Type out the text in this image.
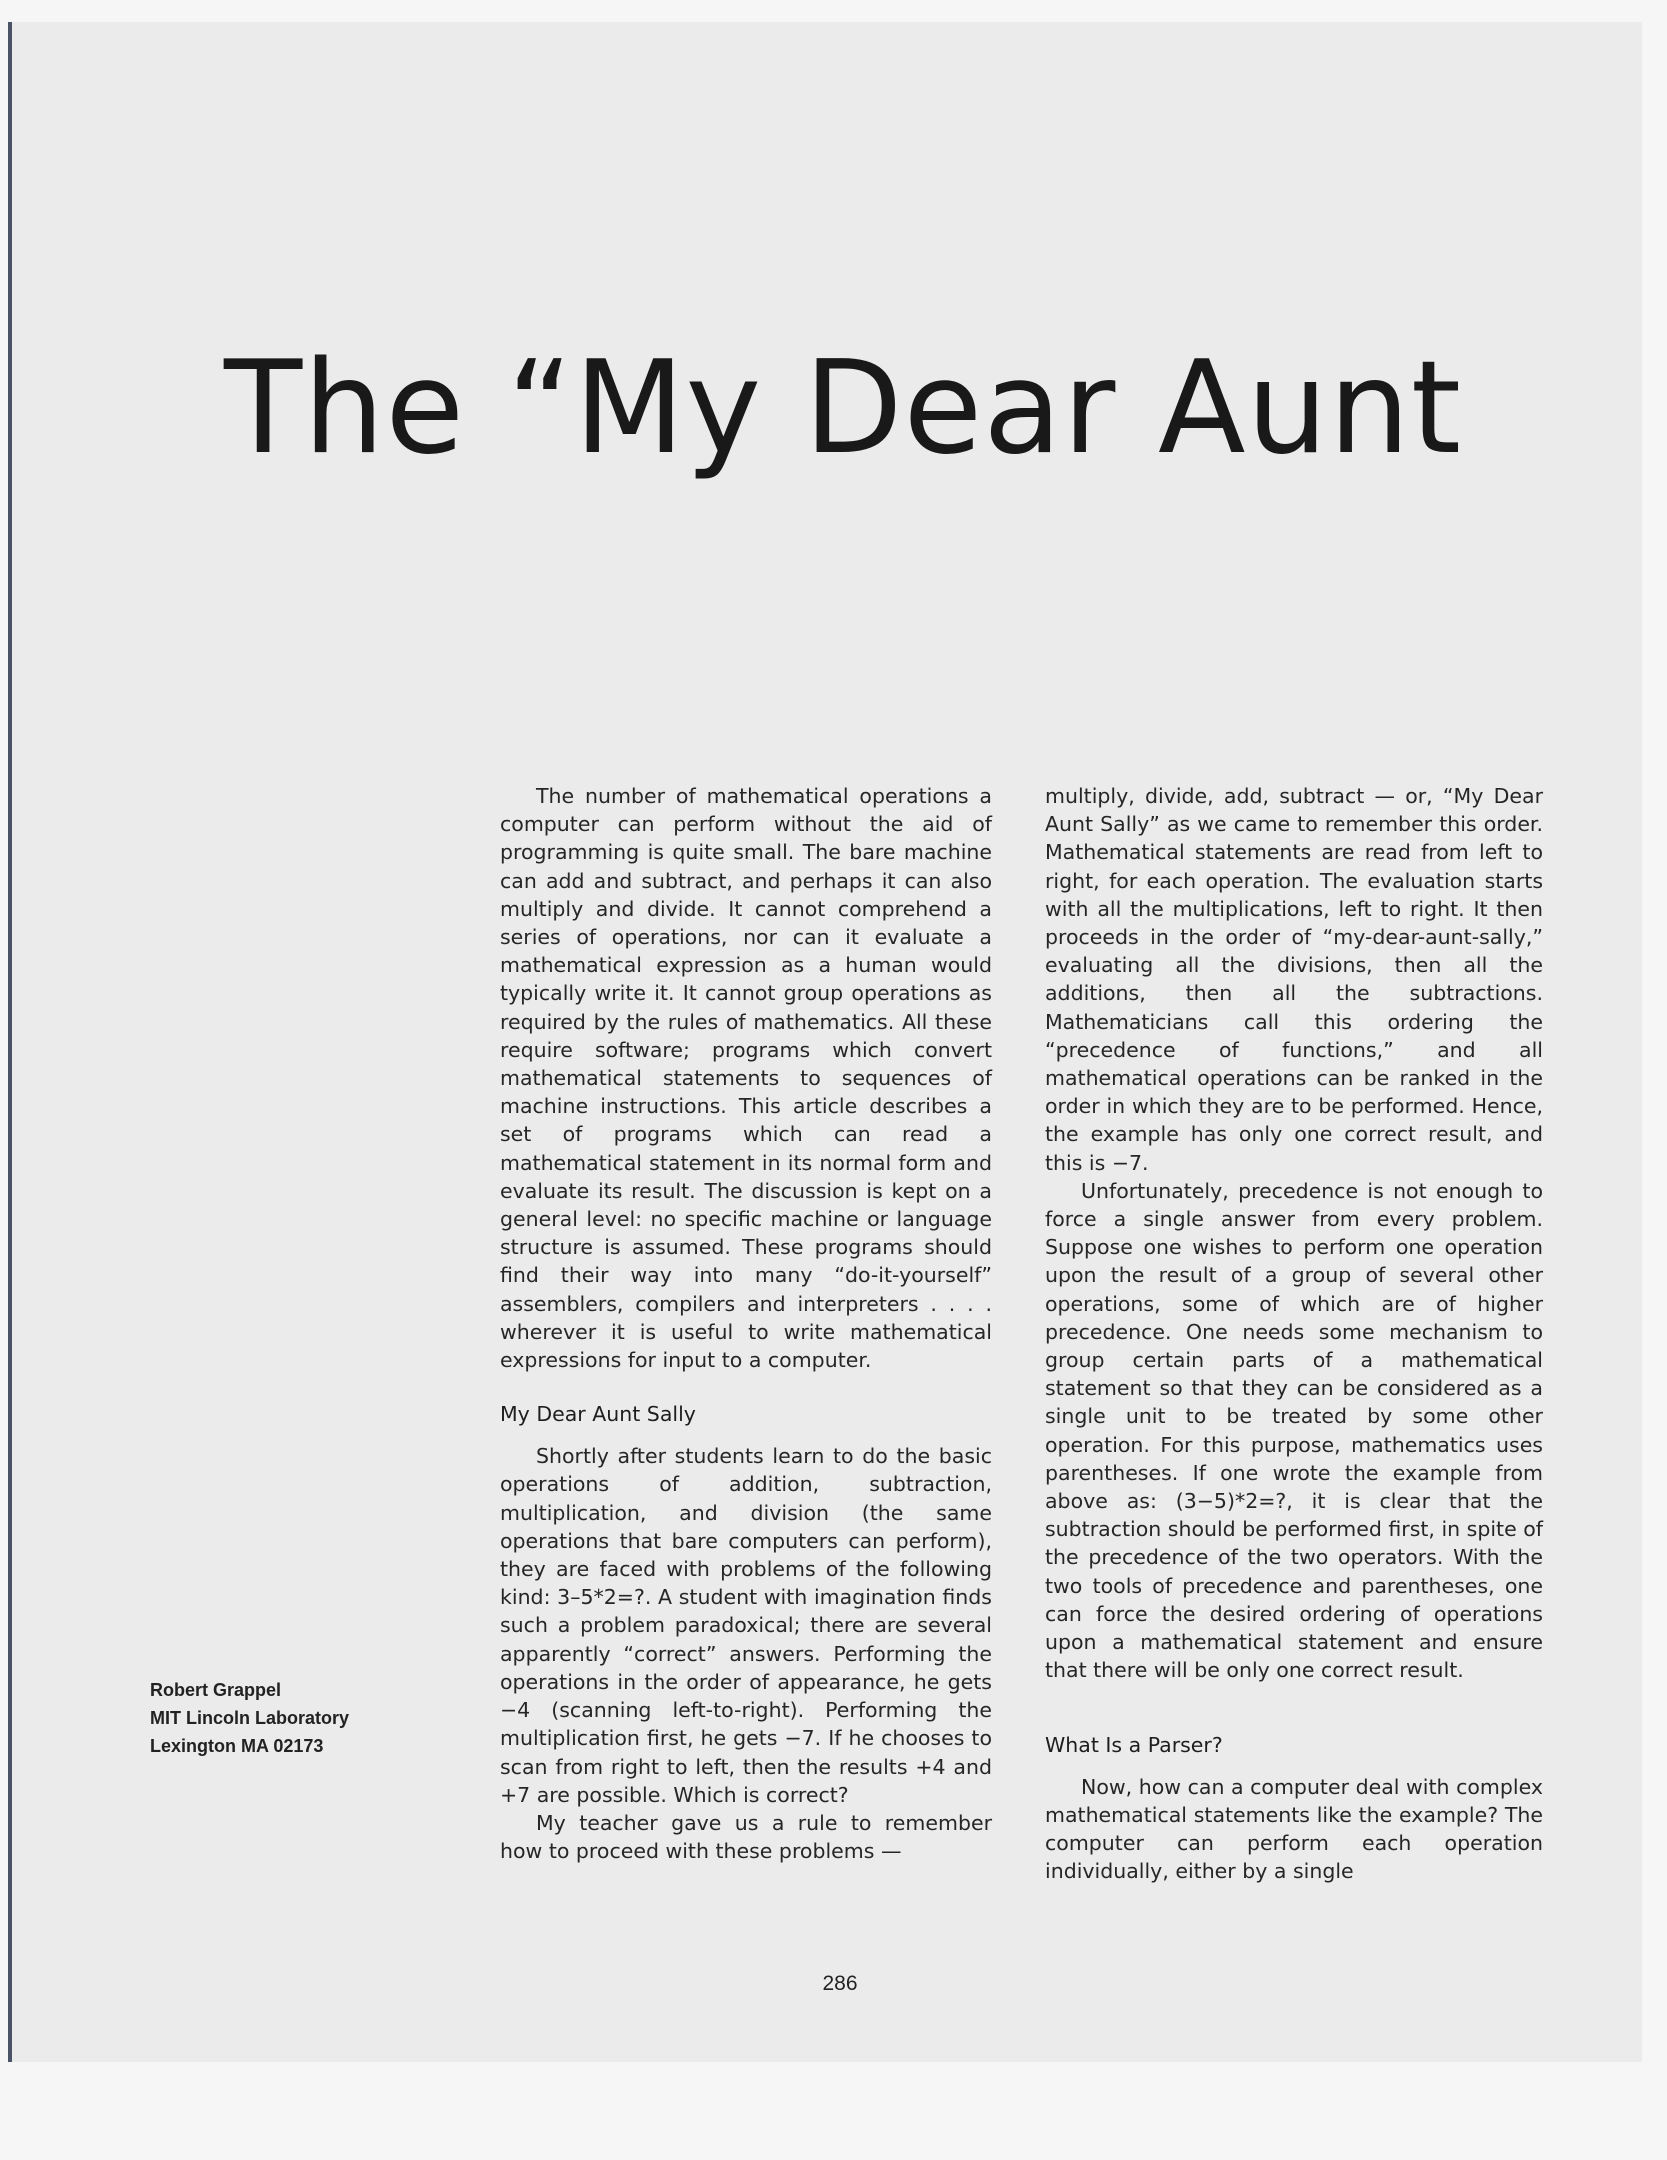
The “My Dear Aunt
Robert Grappel
MIT Lincoln Laboratory
Lexington MA 02173

The number of mathematical operations a computer can perform without the aid of programming is quite small. The bare machine can add and subtract, and perhaps it can also multiply and divide. It cannot comprehend a series of operations, nor can it evaluate a mathematical expression as a human would typically write it. It cannot group operations as required by the rules of mathematics. All these require software; programs which convert mathematical statements to sequences of machine instructions. This article describes a set of programs which can read a mathematical statement in its normal form and evaluate its result. The discussion is kept on a general level: no specific machine or language structure is assumed. These programs should find their way into many “do-it-yourself” assemblers, compilers and interpreters . . . . wherever it is useful to write mathematical expressions for input to a computer.

My Dear Aunt Sally

Shortly after students learn to do the basic operations of addition, subtraction, multiplication, and division (the same operations that bare computers can perform), they are faced with problems of the following kind: 3–5*2=?. A student with imagination finds such a problem paradoxical; there are several apparently “correct” answers. Performing the operations in the order of appearance, he gets −4 (scanning left-to-right). Performing the multiplication first, he gets −7. If he chooses to scan from right to left, then the results +4 and +7 are possible. Which is correct?

My teacher gave us a rule to remember how to proceed with these problems —

multiply, divide, add, subtract — or, “My Dear Aunt Sally” as we came to remember this order. Mathematical statements are read from left to right, for each operation. The evaluation starts with all the multiplications, left to right. It then proceeds in the order of “my-dear-aunt-sally,” evaluating all the divisions, then all the additions, then all the subtractions. Mathematicians call this ordering the “precedence of functions,” and all mathematical operations can be ranked in the order in which they are to be performed. Hence, the example has only one correct result, and this is −7.

Unfortunately, precedence is not enough to force a single answer from every problem. Suppose one wishes to perform one operation upon the result of a group of several other operations, some of which are of higher precedence. One needs some mechanism to group certain parts of a mathematical statement so that they can be considered as a single unit to be treated by some other operation. For this purpose, mathematics uses parentheses. If one wrote the example from above as: (3−5)*2=?, it is clear that the subtraction should be performed first, in spite of the precedence of the two operators. With the two tools of precedence and parentheses, one can force the desired ordering of operations upon a mathematical statement and ensure that there will be only one correct result.

What Is a Parser?

Now, how can a computer deal with complex mathematical statements like the example? The computer can perform each operation individually, either by a single

286
